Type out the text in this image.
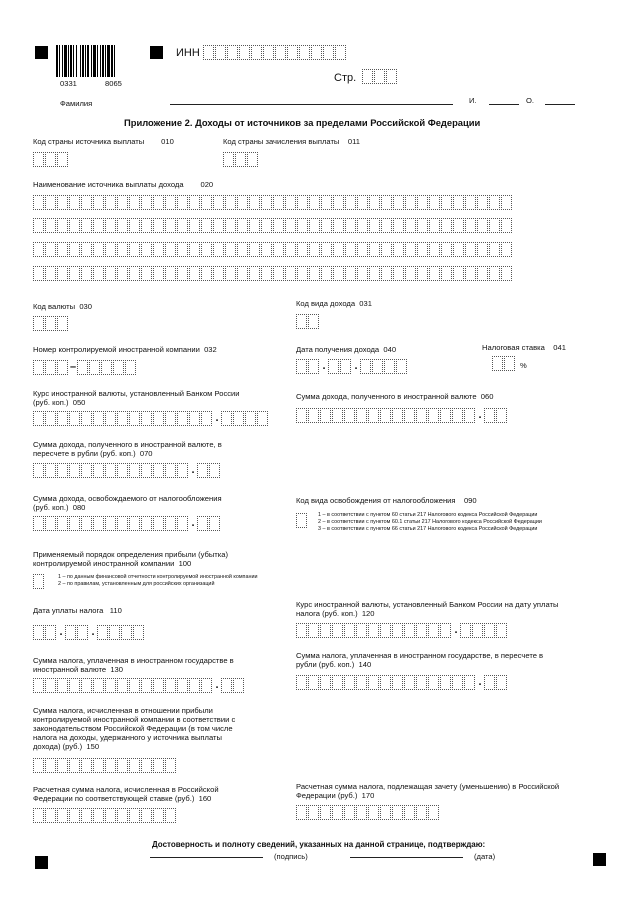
0331	8065
ИНН
Стр.
Фамилия	И.	О.
Приложение 2. Доходы от источников за пределами Российской Федерации
Код страны источника выплаты 010	Код страны зачисления выплаты 011
Наименование источника выплаты дохода 020
Код валюты 030	Код вида дохода 031
Номер контролируемой иностранной компании 032
–
Дата получения дохода 040
.	.
Налоговая ставка 041
%
Курс иностранной валюты, установленный Банком России
(руб. коп.) 050
.
Сумма дохода, полученного в иностранной валюте 060
.
Сумма дохода, полученного в иностранной валюте, в
пересчете в рубли (руб. коп.) 070
.
Сумма дохода, освобождаемого от налогообложения
(руб. коп.) 080
.
Код вида освобождения от налогообложения 090
1 – в соответствии с пунктом 60 статьи 217 Налогового кодекса Российской Федерации
2 – в соответствии с пунктом 60.1 статьи 217 Налогового кодекса Российской Федерации
3 – в соответствии с пунктом 66 статьи 217 Налогового кодекса Российской Федерации
Применяемый порядок определения прибыли (убытка)
контролируемой иностранной компании 100
1 – по данным финансовой отчетности контролируемой иностранной компании
2 – по правилам, установленным для российских организаций
Дата уплаты налога 110
.	.
Курс иностранной валюты, установленный Банком России на дату уплаты
налога (руб. коп.) 120
.
Сумма налога, уплаченная в иностранном государстве в
иностранной валюте 130
.
Сумма налога, уплаченная в иностранном государстве, в пересчете в
рубли (руб. коп.) 140
.
Сумма налога, исчисленная в отношении прибыли
контролируемой иностранной компании в соответствии с
законодательством Российской Федерации (в том числе
налога на доходы, удержанного у источника выплаты
дохода) (руб.) 150
Расчетная сумма налога, исчисленная в Российской
Федерации по соответствующей ставке (руб.) 160
Расчетная сумма налога, подлежащая зачету (уменьшению) в Российской
Федерации (руб.) 170
Достоверность и полноту сведений, указанных на данной странице, подтверждаю:
(подпись)	(дата)
